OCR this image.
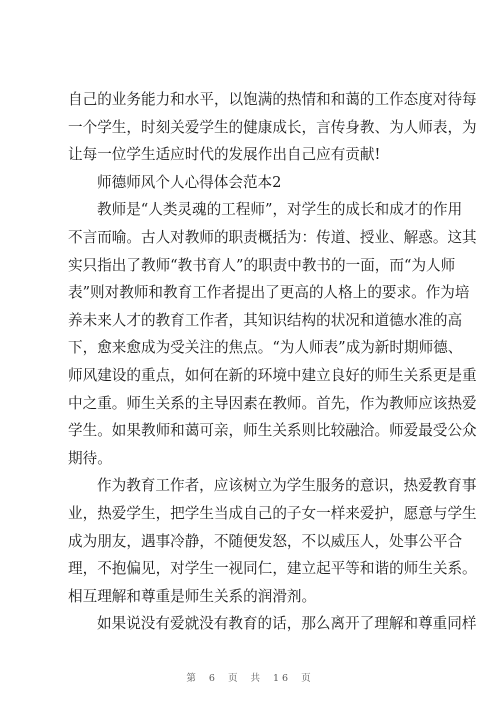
自己的业务能力和水平，以饱满的热情和和蔼的工作态度对待每
一个学生，时刻关爱学生的健康成长，言传身教、为人师表，为
让每一位学生适应时代的发展作出自己应有贡献!
师德师风个人心得体会范本2
教师是“人类灵魂的工程师”，对学生的成长和成才的作用
不言而喻。古人对教师的职责概括为：传道、授业、解惑。这其
实只指出了教师“教书育人”的职责中教书的一面，而“为人师
表”则对教师和教育工作者提出了更高的人格上的要求。作为培
养未来人才的教育工作者，其知识结构的状况和道德水准的高
下，愈来愈成为受关注的焦点。“为人师表”成为新时期师德、
师风建设的重点，如何在新的环境中建立良好的师生关系更是重
中之重。师生关系的主导因素在教师。首先，作为教师应该热爱
学生。如果教师和蔼可亲，师生关系则比较融洽。师爱最受公众
期待。
作为教育工作者，应该树立为学生服务的意识，热爱教育事
业，热爱学生，把学生当成自己的子女一样来爱护，愿意与学生
成为朋友，遇事冷静，不随便发怒，不以威压人，处事公平合
理，不抱偏见，对学生一视同仁，建立起平等和谐的师生关系。
相互理解和尊重是师生关系的润滑剂。
如果说没有爱就没有教育的话，那么离开了理解和尊重同样
第 6 页 共 16 页
